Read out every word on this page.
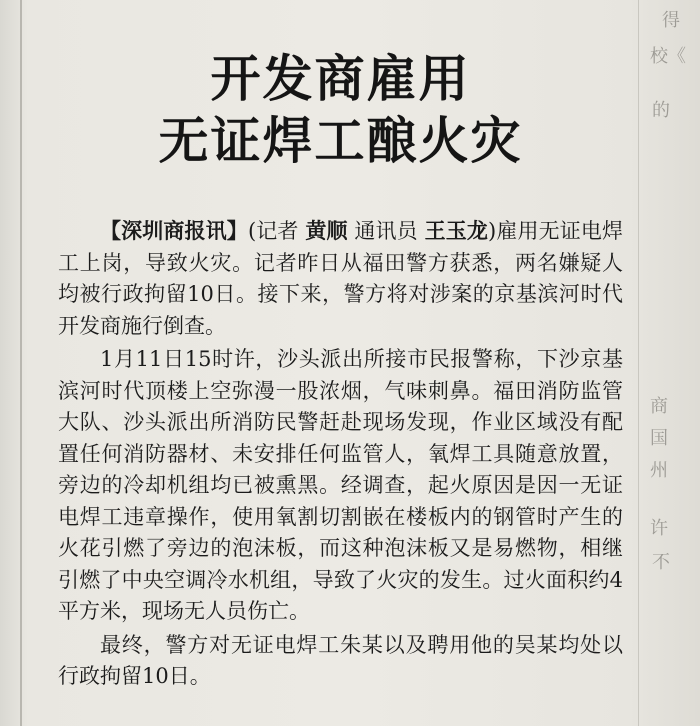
得
校《
的
商
国
州
许
不
开发商雇用
无证焊工酿火灾

【深圳商报讯】(记者 黄顺 通讯员 王玉龙)雇用无证电焊工上岗，导致火灾。记者昨日从福田警方获悉，两名嫌疑人均被行政拘留10日。接下来，警方将对涉案的京基滨河时代开发商施行倒查。

1月11日15时许，沙头派出所接市民报警称，下沙京基滨河时代顶楼上空弥漫一股浓烟，气味刺鼻。福田消防监管大队、沙头派出所消防民警赶赴现场发现，作业区域没有配置任何消防器材、未安排任何监管人，氧焊工具随意放置，旁边的冷却机组均已被熏黑。经调查，起火原因是因一无证电焊工违章操作，使用氧割切割嵌在楼板内的钢管时产生的火花引燃了旁边的泡沫板，而这种泡沫板又是易燃物，相继引燃了中央空调冷水机组，导致了火灾的发生。过火面积约4平方米，现场无人员伤亡。

最终，警方对无证电焊工朱某以及聘用他的吴某均处以行政拘留10日。
